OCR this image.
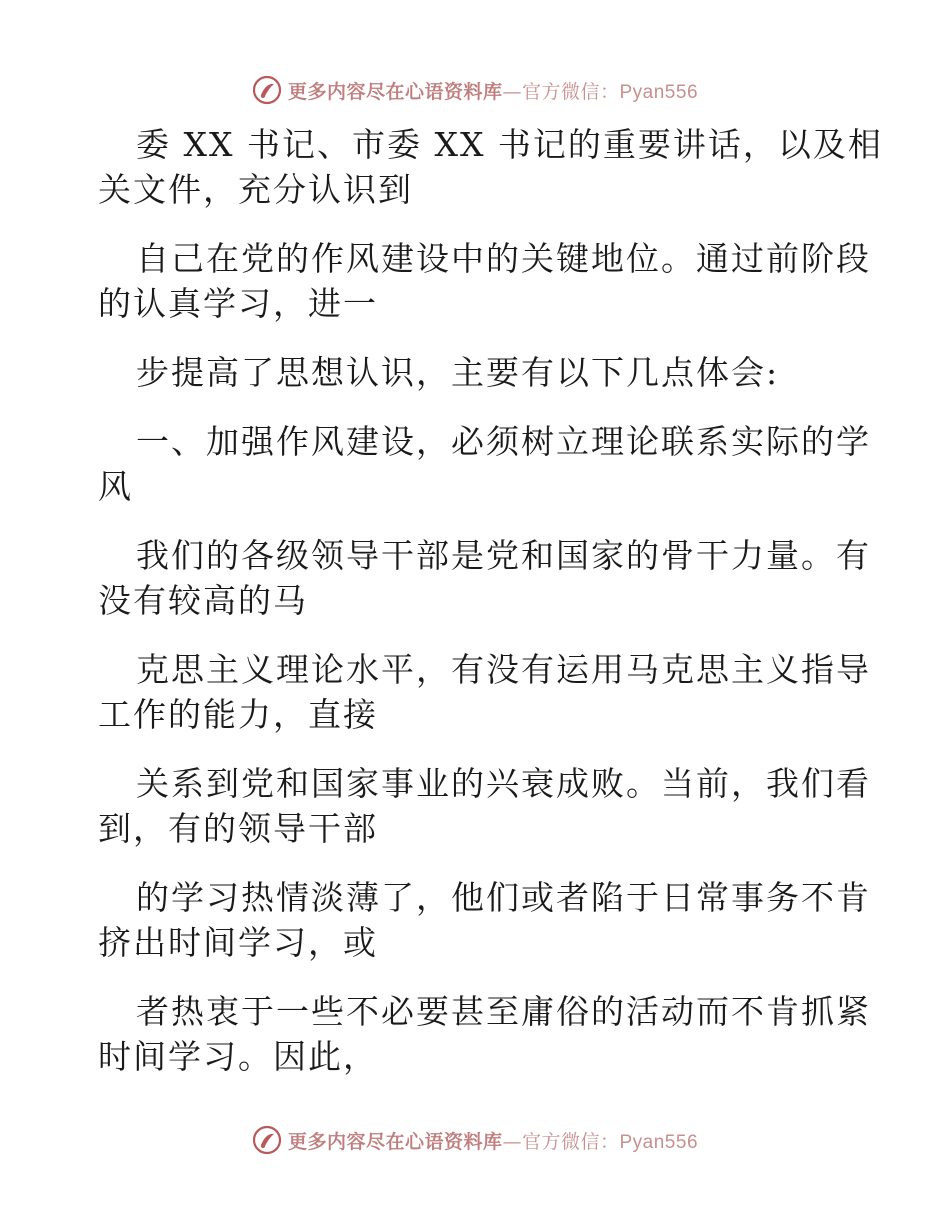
更多内容尽在心语资料库—官方微信：Pyan556
委 XX 书记、市委 XX 书记的重要讲话，以及相
关文件，充分认识到
自己在党的作风建设中的关键地位。通过前阶段
的认真学习，进一
步提高了思想认识，主要有以下几点体会:
一、加强作风建设，必须树立理论联系实际的学
风
我们的各级领导干部是党和国家的骨干力量。有
没有较高的马
克思主义理论水平，有没有运用马克思主义指导
工作的能力，直接
关系到党和国家事业的兴衰成败。当前，我们看
到，有的领导干部
的学习热情淡薄了，他们或者陷于日常事务不肯
挤出时间学习，或
者热衷于一些不必要甚至庸俗的活动而不肯抓紧
时间学习。因此，
更多内容尽在心语资料库—官方微信：Pyan556
